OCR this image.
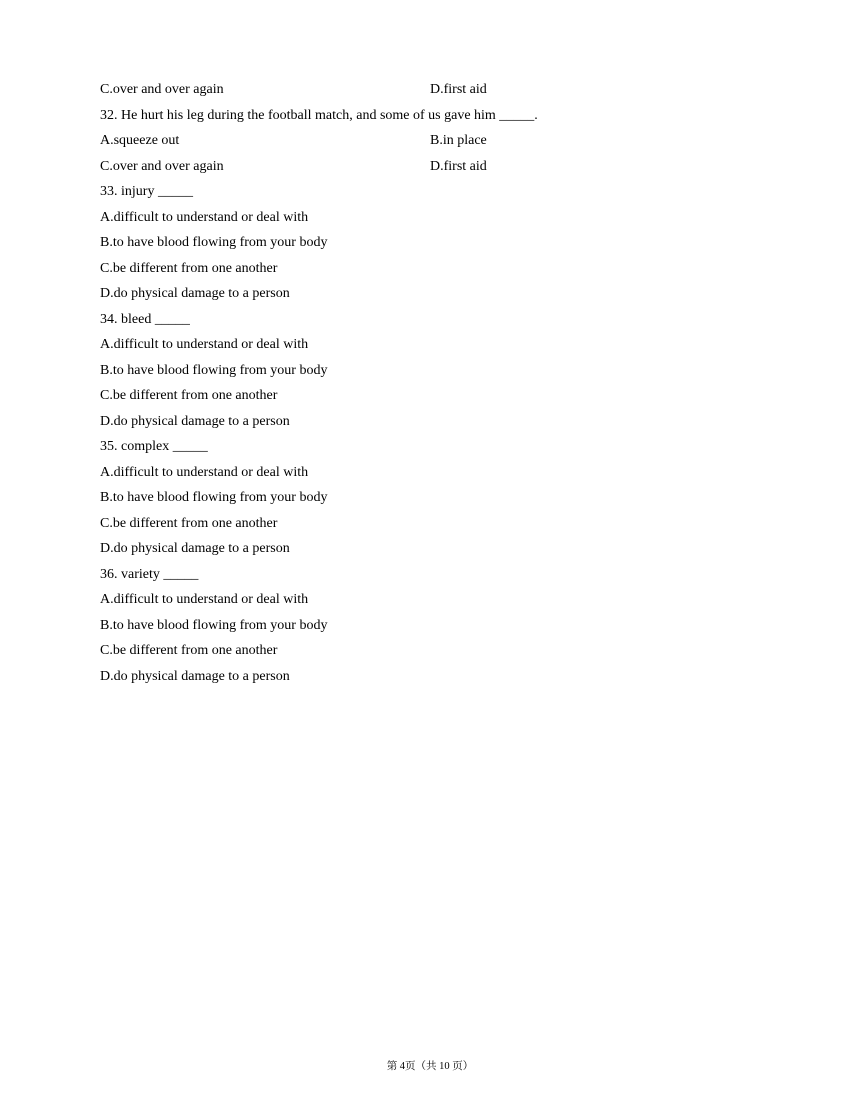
C.over and over again	D.first aid
32. He hurt his leg during the football match, and some of us gave him _____.
A.squeeze out	B.in place
C.over and over again	D.first aid
33. injury _____
A.difficult to understand or deal with
B.to have blood flowing from your body
C.be different from one another
D.do physical damage to a person
34. bleed _____
A.difficult to understand or deal with
B.to have blood flowing from your body
C.be different from one another
D.do physical damage to a person
35. complex _____
A.difficult to understand or deal with
B.to have blood flowing from your body
C.be different from one another
D.do physical damage to a person
36. variety _____
A.difficult to understand or deal with
B.to have blood flowing from your body
C.be different from one another
D.do physical damage to a person
第 4页（共 10 页）
